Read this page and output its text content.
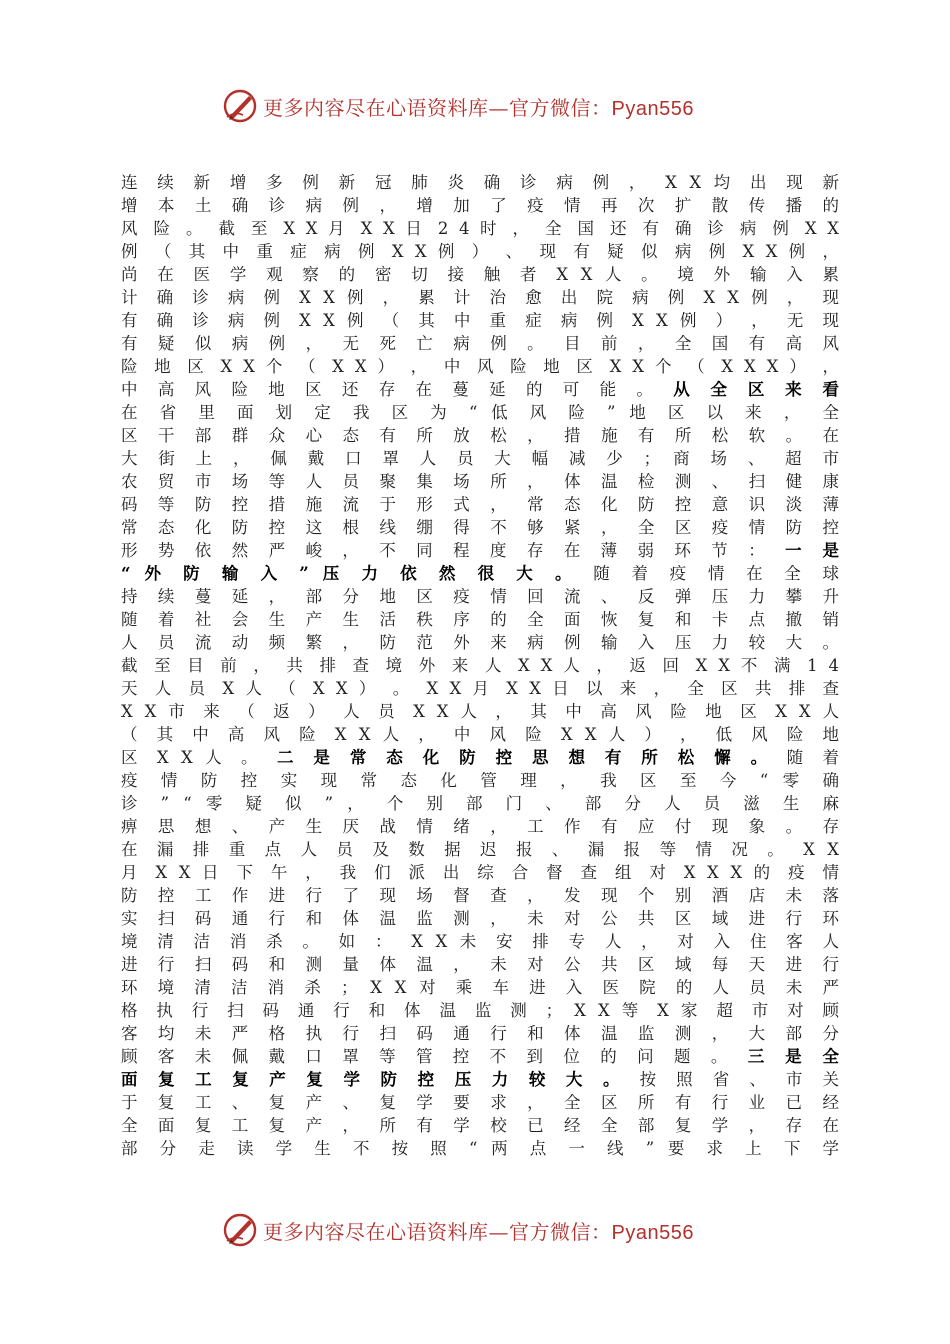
更多内容尽在心语资料库—官方微信：Pyan556
连 续 新 增 多 例 新 冠 肺 炎 确 诊 病 例 ， X X 均 出 现 新
增 本 土 确 诊 病 例 ， 增 加 了 疫 情 再 次 扩 散 传 播 的
风 险 。 截 至 X X 月 X X 日 2 4 时 ， 全 国 还 有 确 诊 病 例 X X
例 （ 其 中 重 症 病 例 X X 例 ） 、 现 有 疑 似 病 例 X X 例 ，
尚 在 医 学 观 察 的 密 切 接 触 者 X X 人 。 境 外 输 入 累
计 确 诊 病 例 X X 例 ， 累 计 治 愈 出 院 病 例 X X 例 ， 现
有 确 诊 病 例 X X 例 （ 其 中 重 症 病 例 X X 例 ） ， 无 现
有 疑 似 病 例 ， 无 死 亡 病 例 。 目 前 ， 全 国 有 高 风
险 地 区 X X 个 （ X X ） ， 中 风 险 地 区 X X 个 （ X X X ） ，
中 高 风 险 地 区 还 存 在 蔓 延 的 可 能 。 从 全 区 来 看
在 省 里 面 划 定 我 区 为 “ 低 风 险 ” 地 区 以 来 ， 全
区 干 部 群 众 心 态 有 所 放 松 ， 措 施 有 所 松 软 。 在
大 街 上 ， 佩 戴 口 罩 人 员 大 幅 减 少 ； 商 场 、 超 市
农 贸 市 场 等 人 员 聚 集 场 所 ， 体 温 检 测 、 扫 健 康
码 等 防 控 措 施 流 于 形 式 ， 常 态 化 防 控 意 识 淡 薄
常 态 化 防 控 这 根 线 绷 得 不 够 紧 ， 全 区 疫 情 防 控
形 势 依 然 严 峻 ， 不 同 程 度 存 在 薄 弱 环 节 ： 一 是
“ 外 防 输 入 ” 压 力 依 然 很 大 。 随 着 疫 情 在 全 球
持 续 蔓 延 ， 部 分 地 区 疫 情 回 流 、 反 弹 压 力 攀 升
随 着 社 会 生 产 生 活 秩 序 的 全 面 恢 复 和 卡 点 撤 销
人 员 流 动 频 繁 ， 防 范 外 来 病 例 输 入 压 力 较 大 。
截 至 目 前 ， 共 排 查 境 外 来 人 X X 人 ， 返 回 X X 不 满 1 4
天 人 员 X 人 （ X X ） 。 X X 月 X X 日 以 来 ， 全 区 共 排 查
X X 市 来 （ 返 ） 人 员 X X 人 ， 其 中 高 风 险 地 区 X X 人
（ 其 中 高 风 险 X X 人 ， 中 风 险 X X 人 ） ， 低 风 险 地
区 X X 人 。 二 是 常 态 化 防 控 思 想 有 所 松 懈 。 随 着
疫 情 防 控 实 现 常 态 化 管 理 ， 我 区 至 今 “ 零 确
诊 ” “ 零 疑 似 ” ， 个 别 部 门 、 部 分 人 员 滋 生 麻
痹 思 想 、 产 生 厌 战 情 绪 ， 工 作 有 应 付 现 象 。 存
在 漏 排 重 点 人 员 及 数 据 迟 报 、 漏 报 等 情 况 。 X X
月 X X 日 下 午 ， 我 们 派 出 综 合 督 查 组 对 X X X 的 疫 情
防 控 工 作 进 行 了 现 场 督 查 ， 发 现 个 别 酒 店 未 落
实 扫 码 通 行 和 体 温 监 测 ， 未 对 公 共 区 域 进 行 环
境 清 洁 消 杀 。 如 ： X X 未 安 排 专 人 ， 对 入 住 客 人
进 行 扫 码 和 测 量 体 温 ， 未 对 公 共 区 域 每 天 进 行
环 境 清 洁 消 杀 ； X X 对 乘 车 进 入 医 院 的 人 员 未 严
格 执 行 扫 码 通 行 和 体 温 监 测 ； X X 等 X 家 超 市 对 顾
客 均 未 严 格 执 行 扫 码 通 行 和 体 温 监 测 ， 大 部 分
顾 客 未 佩 戴 口 罩 等 管 控 不 到 位 的 问 题 。 三 是 全
面 复 工 复 产 复 学 防 控 压 力 较 大 。 按 照 省 、 市 关
于 复 工 、 复 产 、 复 学 要 求 ， 全 区 所 有 行 业 已 经
全 面 复 工 复 产 ， 所 有 学 校 已 经 全 部 复 学 ， 存 在
部 分 走 读 学 生 不 按 照 “ 两 点 一 线 ” 要 求 上 下 学
更多内容尽在心语资料库—官方微信：Pyan556
